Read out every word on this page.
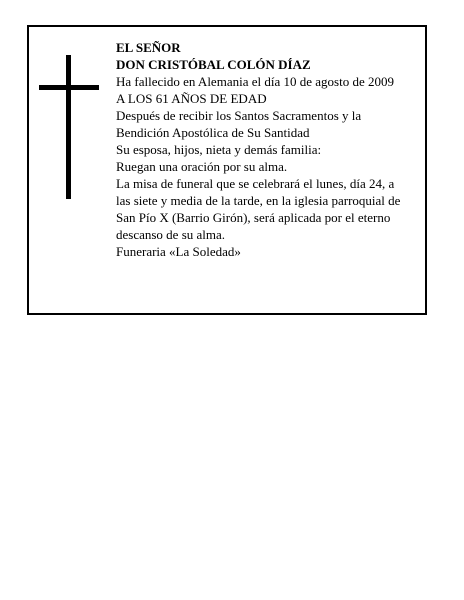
EL SEÑOR
DON CRISTÓBAL COLÓN DÍAZ
Ha fallecido en Alemania el día 10 de agosto de 2009
A LOS 61 AÑOS DE EDAD
Después de recibir los Santos Sacramentos y la
Bendición Apostólica de Su Santidad
Su esposa, hijos, nieta y demás familia:
Ruegan una oración por su alma.
La misa de funeral que se celebrará el lunes, día 24, a
las siete y media de la tarde, en la iglesia parroquial de
San Pío X (Barrio Girón), será aplicada por el eterno
descanso de su alma.
Funeraria «La Soledad»
